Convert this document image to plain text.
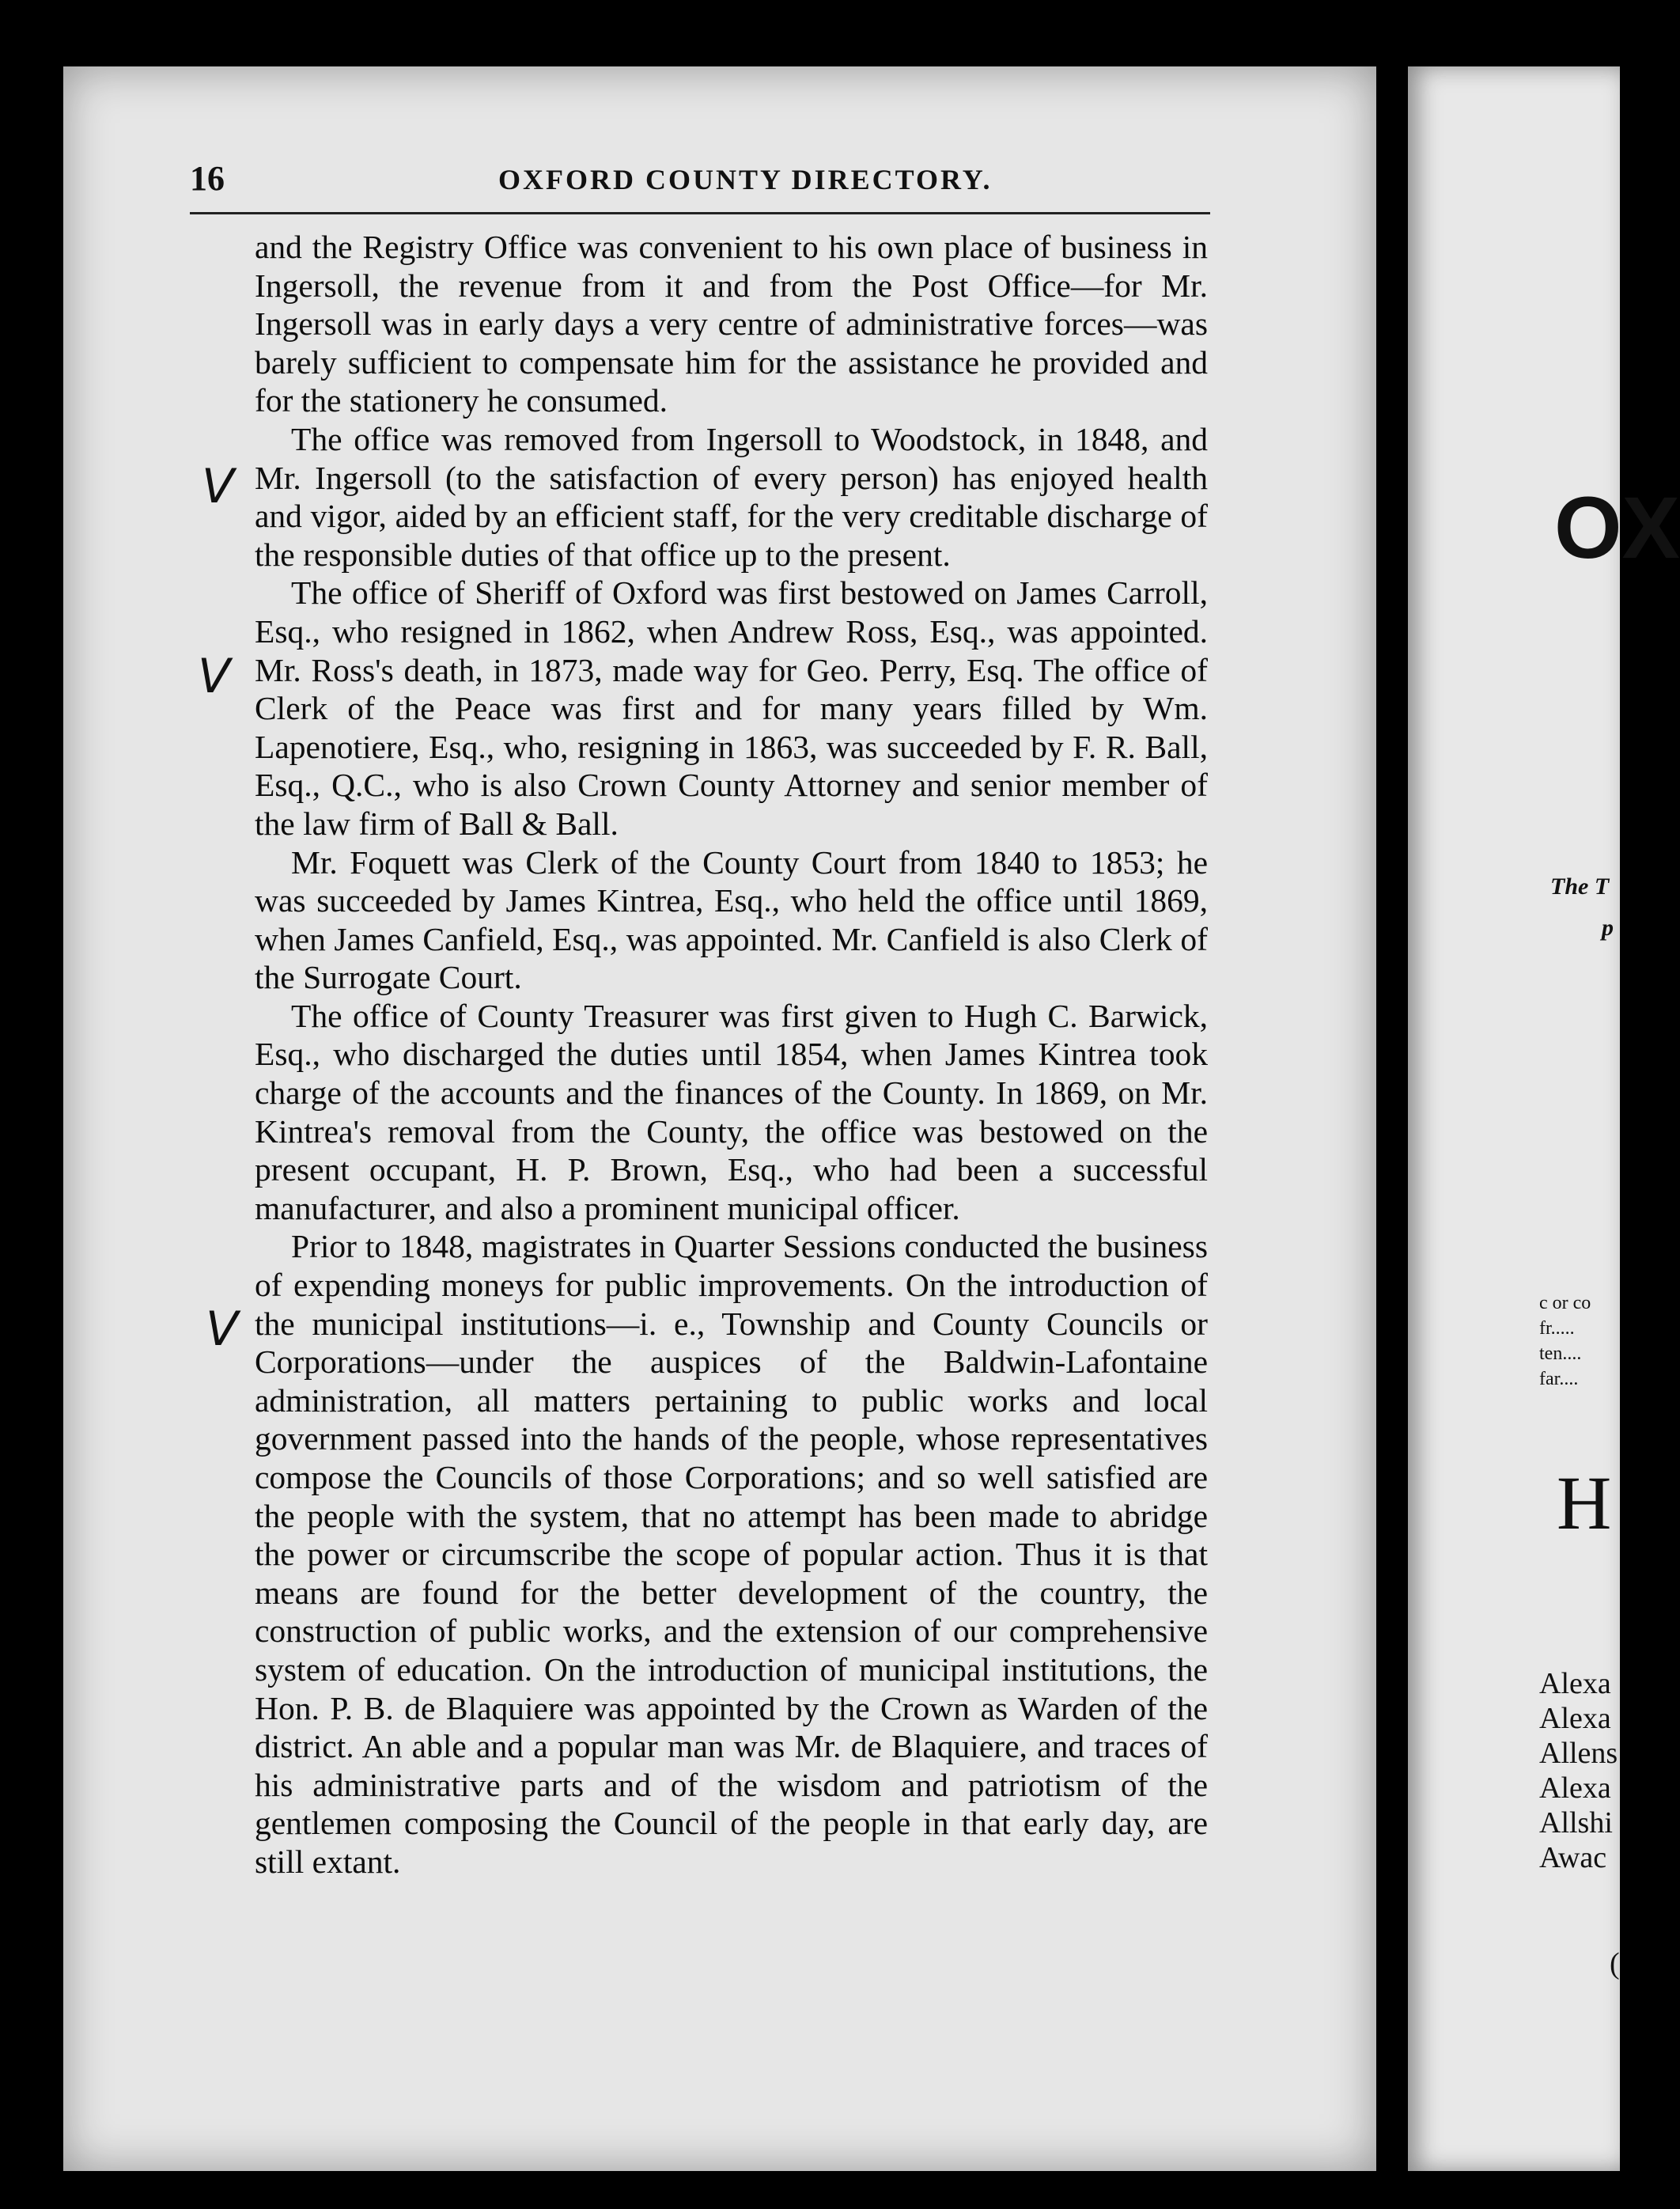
16	OXFORD COUNTY DIRECTORY.

and the Registry Office was convenient to his own place of business in Ingersoll, the revenue from it and from the Post Office—for Mr. Ingersoll was in early days a very centre of administrative forces—was barely sufficient to compensate him for the assistance he provided and for the stationery he consumed.

The office was removed from Ingersoll to Woodstock, in 1848, and Mr. Ingersoll (to the satisfaction of every person) has enjoyed health and vigor, aided by an efficient staff, for the very creditable discharge of the responsible duties of that office up to the present.

The office of Sheriff of Oxford was first bestowed on James Carroll, Esq., who resigned in 1862, when Andrew Ross, Esq., was appointed. Mr. Ross's death, in 1873, made way for Geo. Perry, Esq. The office of Clerk of the Peace was first and for many years filled by Wm. Lapenotiere, Esq., who, resigning in 1863, was succeeded by F. R. Ball, Esq., Q.C., who is also Crown County Attorney and senior member of the law firm of Ball & Ball.

Mr. Foquett was Clerk of the County Court from 1840 to 1853; he was succeeded by James Kintrea, Esq., who held the office until 1869, when James Canfield, Esq., was appointed. Mr. Canfield is also Clerk of the Surrogate Court.

The office of County Treasurer was first given to Hugh C. Barwick, Esq., who discharged the duties until 1854, when James Kintrea took charge of the accounts and the finances of the County. In 1869, on Mr. Kintrea's removal from the County, the office was bestowed on the present occupant, H. P. Brown, Esq., who had been a successful manufacturer, and also a prominent municipal officer.

Prior to 1848, magistrates in Quarter Sessions conducted the business of expending moneys for public improvements. On the introduction of the municipal institutions—i. e., Township and County Councils or Corporations—under the auspices of the Baldwin-Lafontaine administration, all matters pertaining to public works and local government passed into the hands of the people, whose representatives compose the Councils of those Corporations; and so well satisfied are the people with the system, that no attempt has been made to abridge the power or circumscribe the scope of popular action. Thus it is that means are found for the better development of the country, the construction of public works, and the extension of our comprehensive system of education. On the introduction of municipal institutions, the Hon. P. B. de Blaquiere was appointed by the Crown as Warden of the district. An able and a popular man was Mr. de Blaquiere, and traces of his administrative parts and of the wisdom and patriotism of the gentlemen composing the Council of the people in that early day, are still extant.

V
V
V
OX
The T
p
c or co
fr.....
ten....
far....
H
Alexa
Alexa
Allens
Alexa
Allshi
Awac
(
